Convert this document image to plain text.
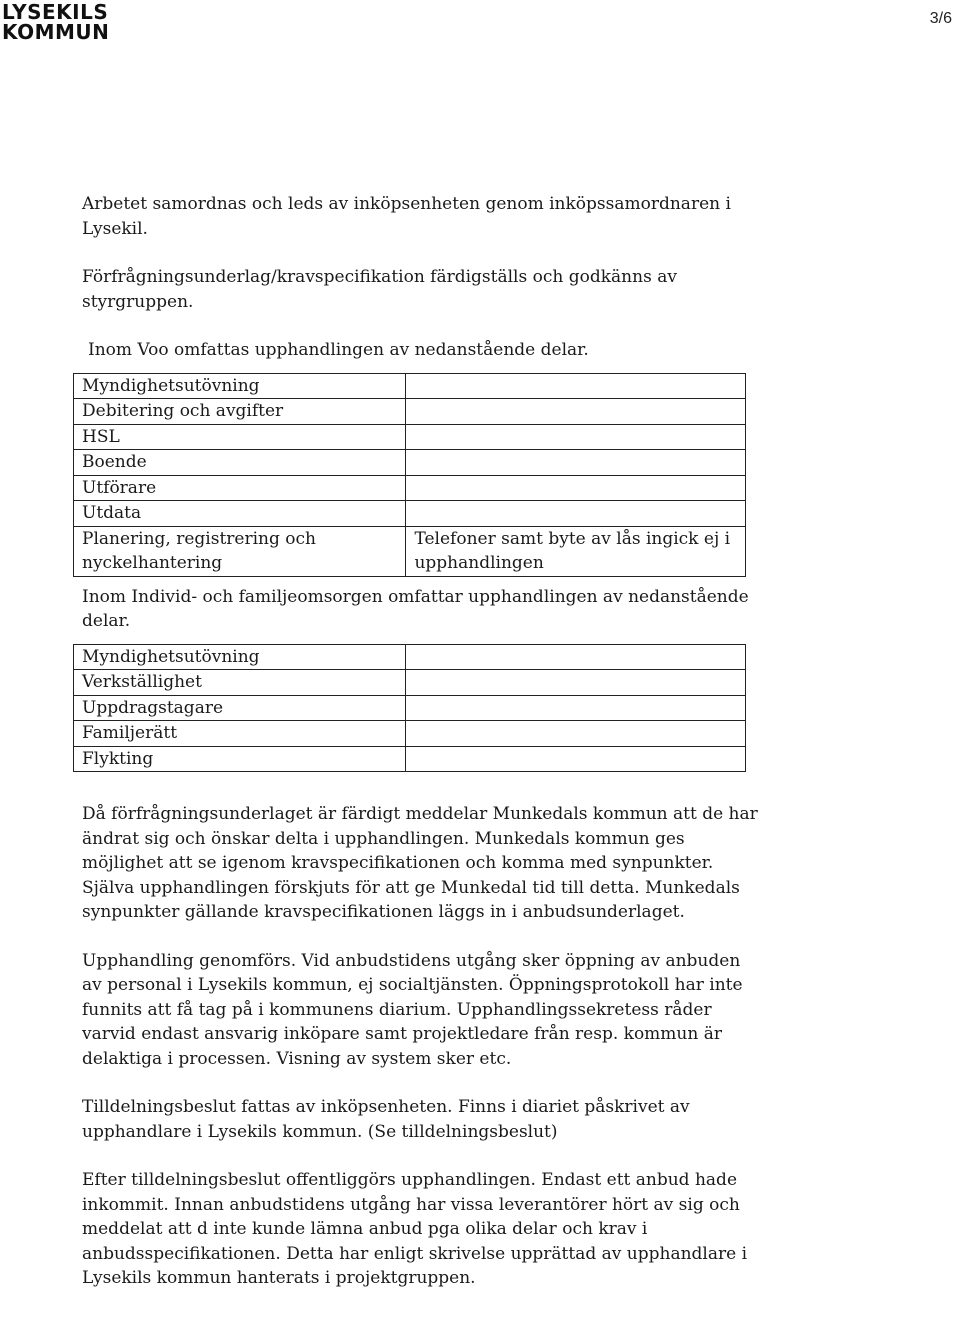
LYSEKILS
KOMMUN
3/6

Arbetet samordnas och leds av inköpsenheten genom inköpssamordnaren i Lysekil.

Förfrågningsunderlag/kravspecifikation färdigställs och godkänns av styrgruppen.

Inom Voo omfattas upphandlingen av nedanstående delar.

Myndighetsutövning	
Debitering och avgifter	
HSL	
Boende	
Utförare	
Utdata	
Planering, registrering och nyckelhantering	Telefoner samt byte av lås ingick ej i upphandlingen

Inom Individ- och familjeomsorgen omfattar upphandlingen av nedanstående delar.

Myndighetsutövning	
Verkställighet	
Uppdragstagare	
Familjerätt	
Flykting	

Då förfrågningsunderlaget är färdigt meddelar Munkedals kommun att de har ändrat sig och önskar delta i upphandlingen. Munkedals kommun ges möjlighet att se igenom kravspecifikationen och komma med synpunkter. Själva upphandlingen förskjuts för att ge Munkedal tid till detta. Munkedals synpunkter gällande kravspecifikationen läggs in i anbudsunderlaget.

Upphandling genomförs. Vid anbudstidens utgång sker öppning av anbuden av personal i Lysekils kommun, ej socialtjänsten. Öppningsprotokoll har inte funnits att få tag på i kommunens diarium. Upphandlingssekretess råder varvid endast ansvarig inköpare samt projektledare från resp. kommun är delaktiga i processen. Visning av system sker etc.

Tilldelningsbeslut fattas av inköpsenheten. Finns i diariet påskrivet av upphandlare i Lysekils kommun. (Se tilldelningsbeslut)

Efter tilldelningsbeslut offentliggörs upphandlingen. Endast ett anbud hade inkommit. Innan anbudstidens utgång har vissa leverantörer hört av sig och meddelat att d inte kunde lämna anbud pga olika delar och krav i anbudsspecifikationen. Detta har enligt skrivelse upprättad av upphandlare i Lysekils kommun hanterats i projektgruppen.
